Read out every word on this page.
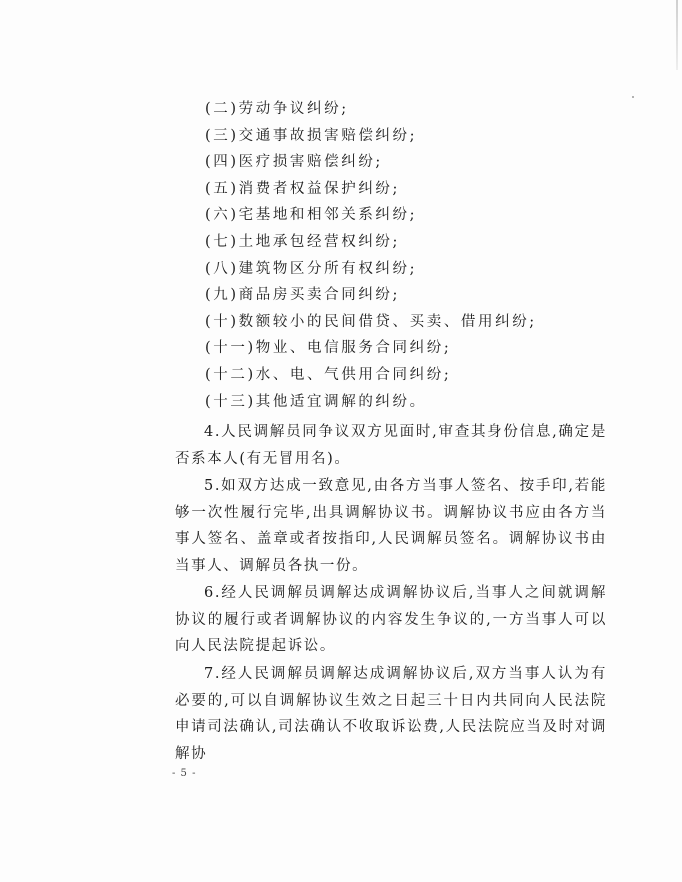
(二)劳动争议纠纷;
(三)交通事故损害赔偿纠纷;
(四)医疗损害赔偿纠纷;
(五)消费者权益保护纠纷;
(六)宅基地和相邻关系纠纷;
(七)土地承包经营权纠纷;
(八)建筑物区分所有权纠纷;
(九)商品房买卖合同纠纷;
(十)数额较小的民间借贷、买卖、借用纠纷;
(十一)物业、电信服务合同纠纷;
(十二)水、电、气供用合同纠纷;
(十三)其他适宜调解的纠纷。
4.人民调解员同争议双方见面时,审查其身份信息,确定是否系本人(有无冒用名)。
5.如双方达成一致意见,由各方当事人签名、按手印,若能够一次性履行完毕,出具调解协议书。调解协议书应由各方当事人签名、盖章或者按指印,人民调解员签名。调解协议书由当事人、调解员各执一份。
6.经人民调解员调解达成调解协议后,当事人之间就调解协议的履行或者调解协议的内容发生争议的,一方当事人可以向人民法院提起诉讼。
7.经人民调解员调解达成调解协议后,双方当事人认为有必要的,可以自调解协议生效之日起三十日内共同向人民法院申请司法确认,司法确认不收取诉讼费,人民法院应当及时对调解协
- 5 -
